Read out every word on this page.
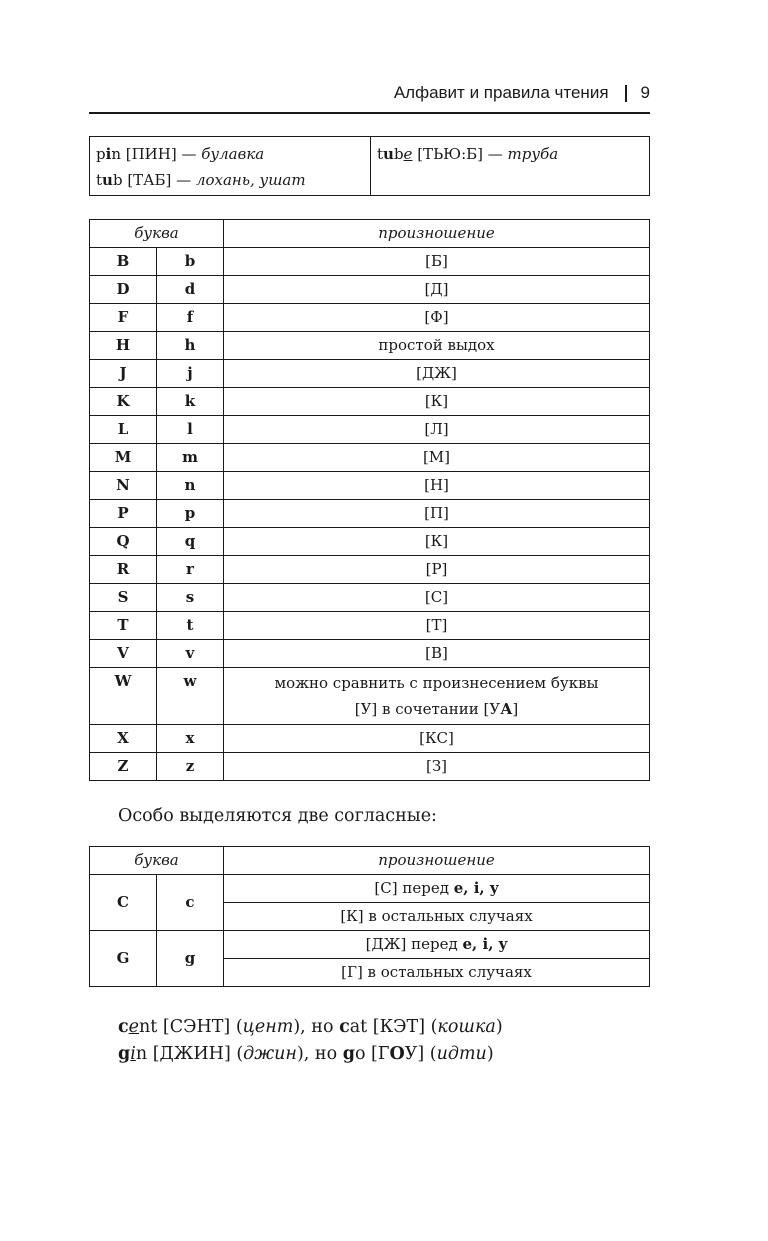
Алфавит и правила чтения 9
pin [ПИН] — булавка
tub [ТАБ] — лохань, ушат

tube [ТЬЮ:Б] — труба
буква		произношение
B	b	[Б]
D	d	[Д]
F	f	[Ф]
H	h	простой выдох
J	j	[ДЖ]
K	k	[К]
L	l	[Л]
M	m	[М]
N	n	[Н]
P	p	[П]
Q	q	[К]
R	r	[Р]
S	s	[С]
T	t	[Т]
V	v	[В]
W	w	можно сравнить с произнесением буквы
[У] в сочетании [УА]

X	x	[КС]
Z	z	[З]
Особо выделяются две согласные:
буква		произношение
C	c	[С] перед e, i, y
		[К] в остальных случаях
G	g	[ДЖ] перед e, i, y
		[Г] в остальных случаях
cent [СЭНТ] (цент), но cat [КЭТ] (кошка)
gin [ДЖИН] (джин), но go [ГОУ] (идти)
